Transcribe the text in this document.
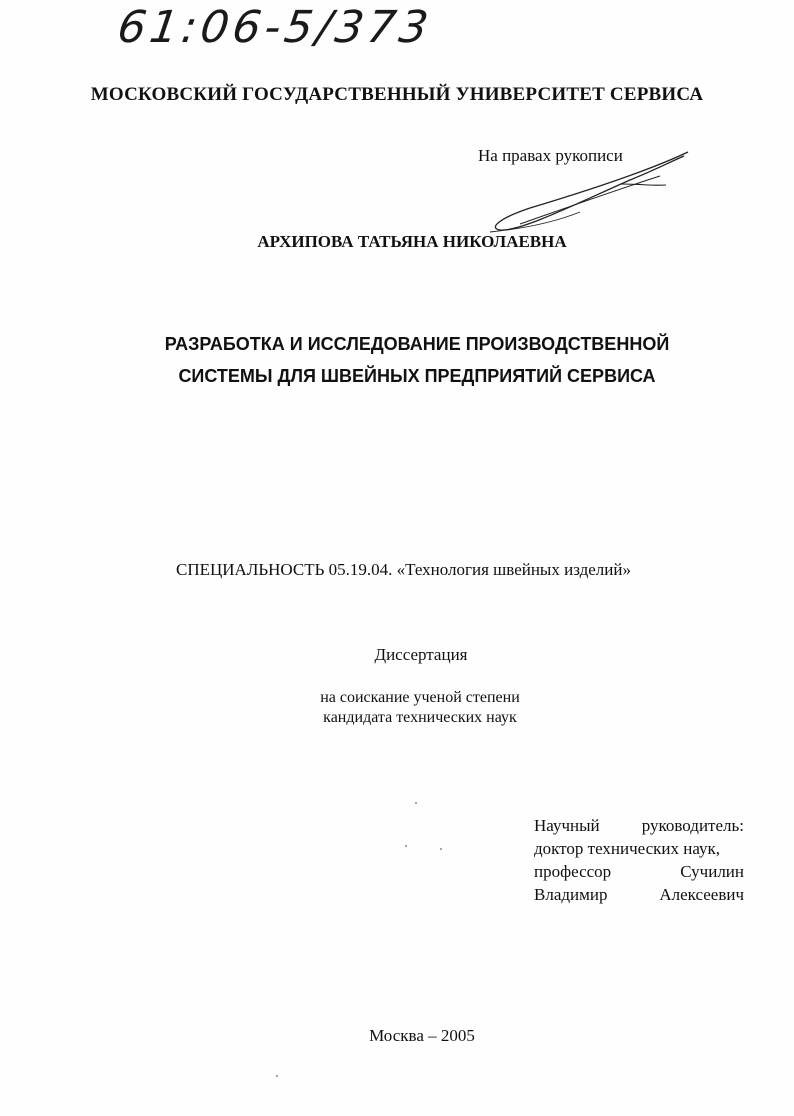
61:06-5/373
МОСКОВСКИЙ ГОСУДАРСТВЕННЫЙ УНИВЕРСИТЕТ СЕРВИСА
На правах рукописи
АРХИПОВА ТАТЬЯНА НИКОЛАЕВНА
РАЗРАБОТКА И ИССЛЕДОВАНИЕ ПРОИЗВОДСТВЕННОЙ
СИСТЕМЫ ДЛЯ ШВЕЙНЫХ ПРЕДПРИЯТИЙ СЕРВИСА
СПЕЦИАЛЬНОСТЬ 05.19.04. «Технология швейных изделий»
Диссертация
на соискание ученой степени
кандидата технических наук
Научный руководитель:
доктор технических наук,
профессор	Сучилин
Владимир	Алексеевич
Москва – 2005
